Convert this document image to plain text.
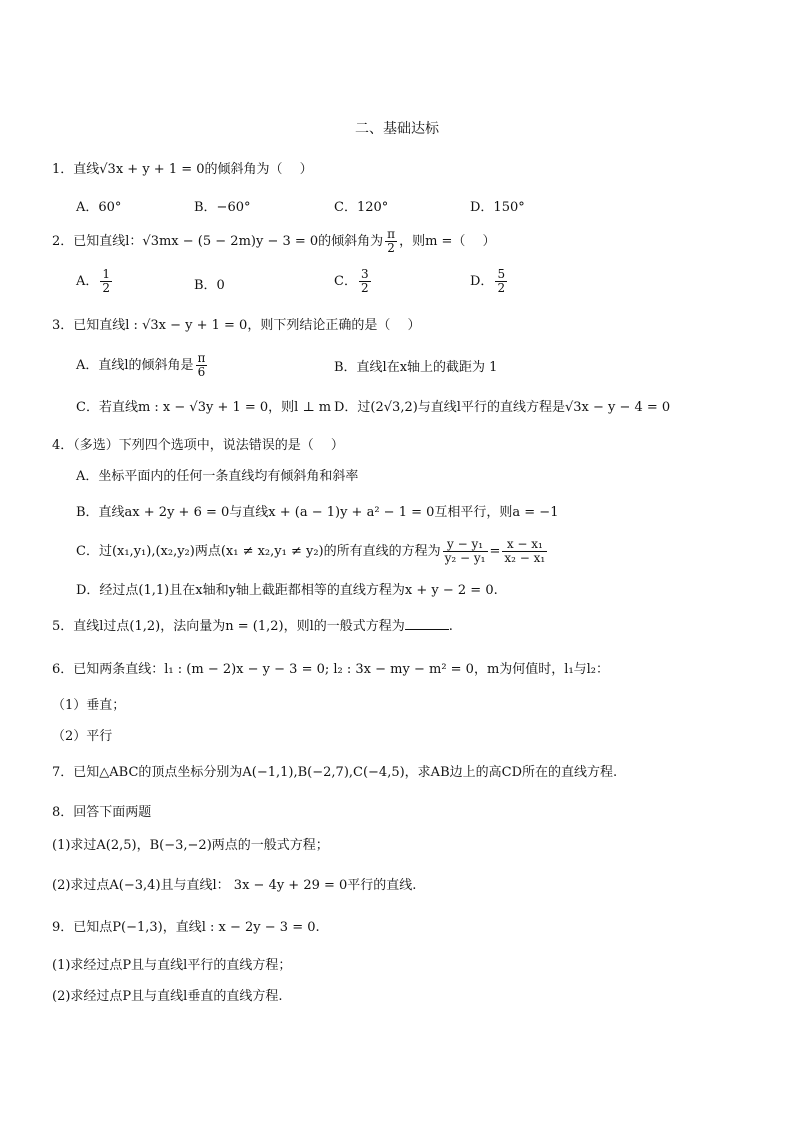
二、基础达标
1．直线√3x + y + 1 = 0的倾斜角为（　 ）
A．60°	B．−60°	C．120°	D．150°
2．已知直线l：√3mx − (5 − 2m)y − 3 = 0的倾斜角为 $\frac{\pi}{2}$ ，则m =（　 ）
A． $\frac{1}{2}$	B．0	C． $\frac{3}{2}$	D． $\frac{5}{2}$
3．已知直线l : √3x − y + 1 = 0，则下列结论正确的是（　 ）
A．直线l的倾斜角是 $\frac{\pi}{6}$	B．直线l在x轴上的截距为 1
C．若直线m : x − √3y + 1 = 0，则l ⊥ m D．过(2√3,2)与直线l平行的直线方程是√3x − y − 4 = 0
4．（多选）下列四个选项中，说法错误的是（　 ）
A．坐标平面内的任何一条直线均有倾斜角和斜率
B．直线ax + 2y + 6 = 0与直线x + (a − 1)y + a² − 1 = 0互相平行，则a = −1
C．过(x₁,y₁),(x₂,y₂)两点(x₁ ≠ x₂,y₁ ≠ y₂)的所有直线的方程为 $\frac{\text{y − y₁}}{\text{y₂ − y₁}} = \frac{\text{x − x₁}}{\text{x₂ − x₁}}$
D．经过点(1,1)且在x轴和y轴上截距都相等的直线方程为x + y − 2 = 0.
5．直线l过点(1,2)，法向量为n = (1,2)，则l的一般式方程为	.
6．已知两条直线：l₁ : (m − 2)x − y − 3 = 0; l₂ : 3x − my − m² = 0，m为何值时，l₁与l₂：
（1）垂直；
（2）平行
7．已知△ABC的顶点坐标分别为A(−1,1),B(−2,7),C(−4,5)，求AB边上的高CD所在的直线方程.
8．回答下面两题
(1)求过A(2,5)，B(−3,−2)两点的一般式方程；
(2)求过点A(−3,4)且与直线l： 3x − 4y + 29 = 0平行的直线.
9．已知点P(−1,3)，直线l : x − 2y − 3 = 0.
(1)求经过点P且与直线l平行的直线方程；
(2)求经过点P且与直线l垂直的直线方程.
